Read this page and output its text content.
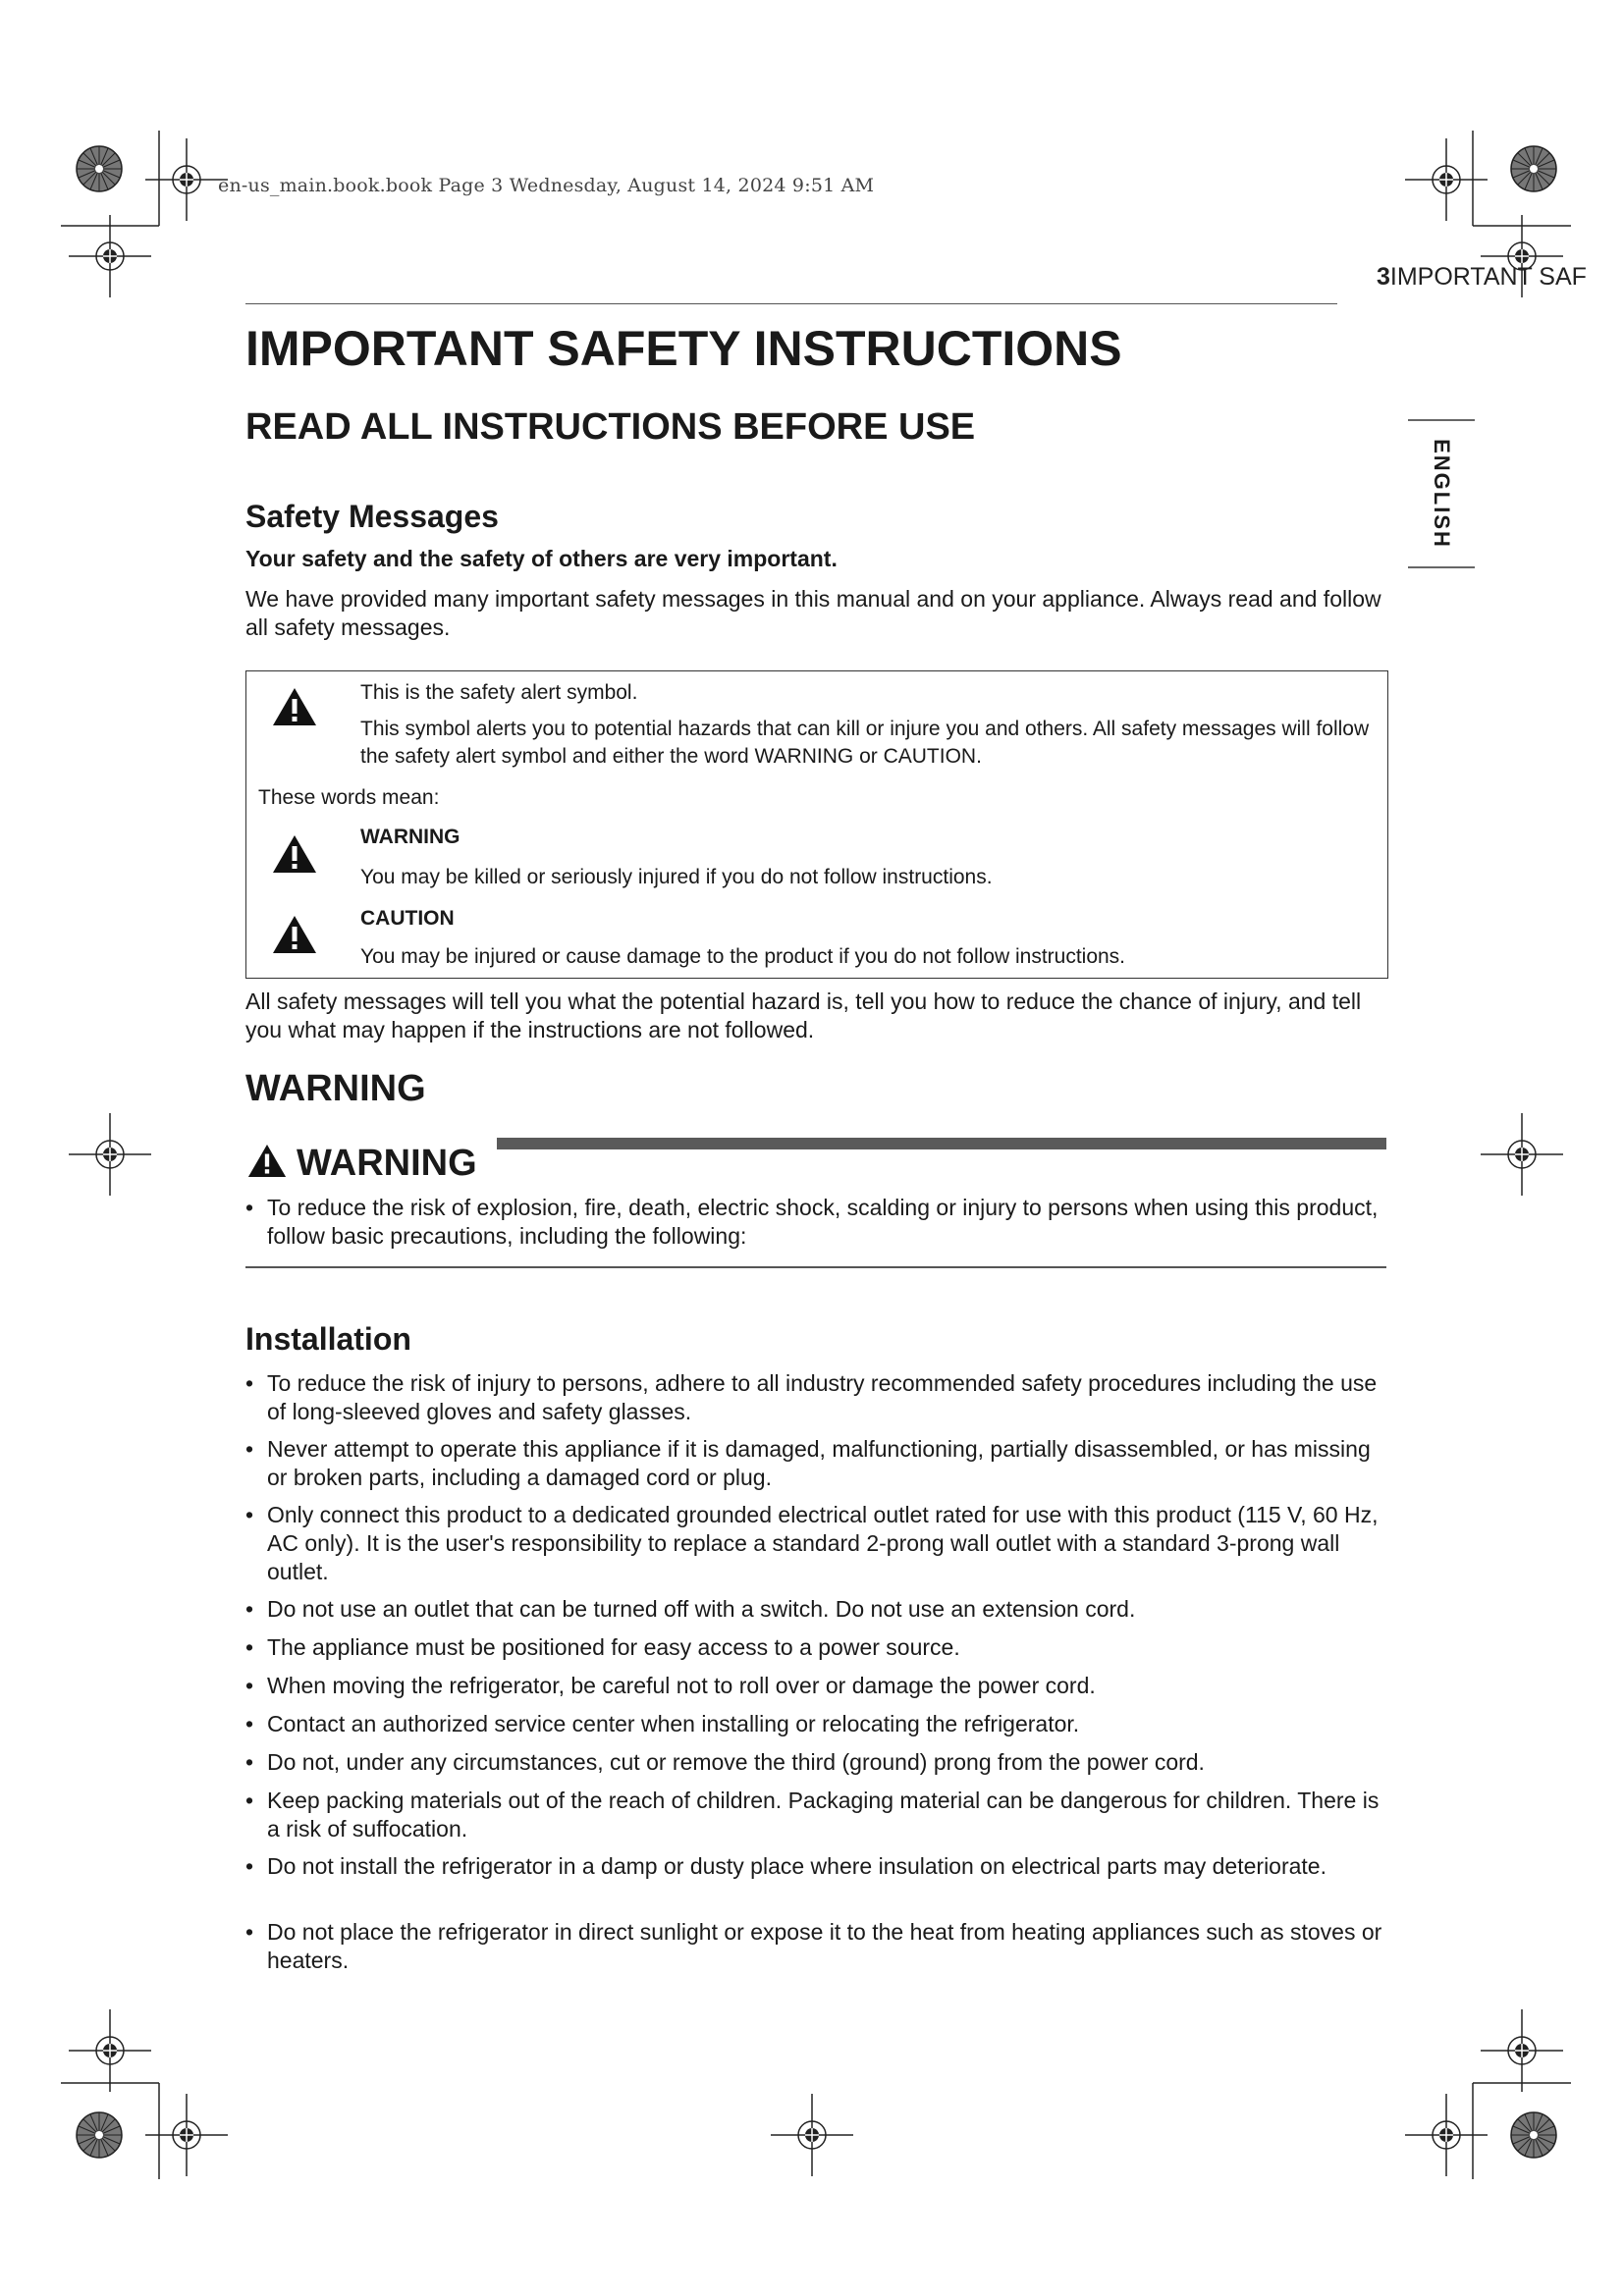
en-us_main.book.book Page 3 Wednesday, August 14, 2024 9:51 AM
3IMPORTANT SAF
ENGLISH
IMPORTANT SAFETY INSTRUCTIONS
READ ALL INSTRUCTIONS BEFORE USE
Safety Messages
Your safety and the safety of others are very important.
We have provided many important safety messages in this manual and on your appliance. Always read and follow all safety messages.
This is the safety alert symbol.
This symbol alerts you to potential hazards that can kill or injure you and others. All safety messages will follow the safety alert symbol and either the word WARNING or CAUTION.
These words mean:
WARNING
You may be killed or seriously injured if you do not follow instructions.
CAUTION
You may be injured or cause damage to the product if you do not follow instructions.
All safety messages will tell you what the potential hazard is, tell you how to reduce the chance of injury, and tell you what may happen if the instructions are not followed.
WARNING
WARNING
• To reduce the risk of explosion, fire, death, electric shock, scalding or injury to persons when using this product, follow basic precautions, including the following:
Installation
• To reduce the risk of injury to persons, adhere to all industry recommended safety procedures including the use of long-sleeved gloves and safety glasses.
• Never attempt to operate this appliance if it is damaged, malfunctioning, partially disassembled, or has missing or broken parts, including a damaged cord or plug.
• Only connect this product to a dedicated grounded electrical outlet rated for use with this product (115 V, 60 Hz, AC only). It is the user's responsibility to replace a standard 2-prong wall outlet with a standard 3-prong wall outlet.
• Do not use an outlet that can be turned off with a switch. Do not use an extension cord.
• The appliance must be positioned for easy access to a power source.
• When moving the refrigerator, be careful not to roll over or damage the power cord.
• Contact an authorized service center when installing or relocating the refrigerator.
• Do not, under any circumstances, cut or remove the third (ground) prong from the power cord.
• Keep packing materials out of the reach of children. Packaging material can be dangerous for children. There is a risk of suffocation.
• Do not install the refrigerator in a damp or dusty place where insulation on electrical parts may deteriorate.
• Do not place the refrigerator in direct sunlight or expose it to the heat from heating appliances such as stoves or heaters.
